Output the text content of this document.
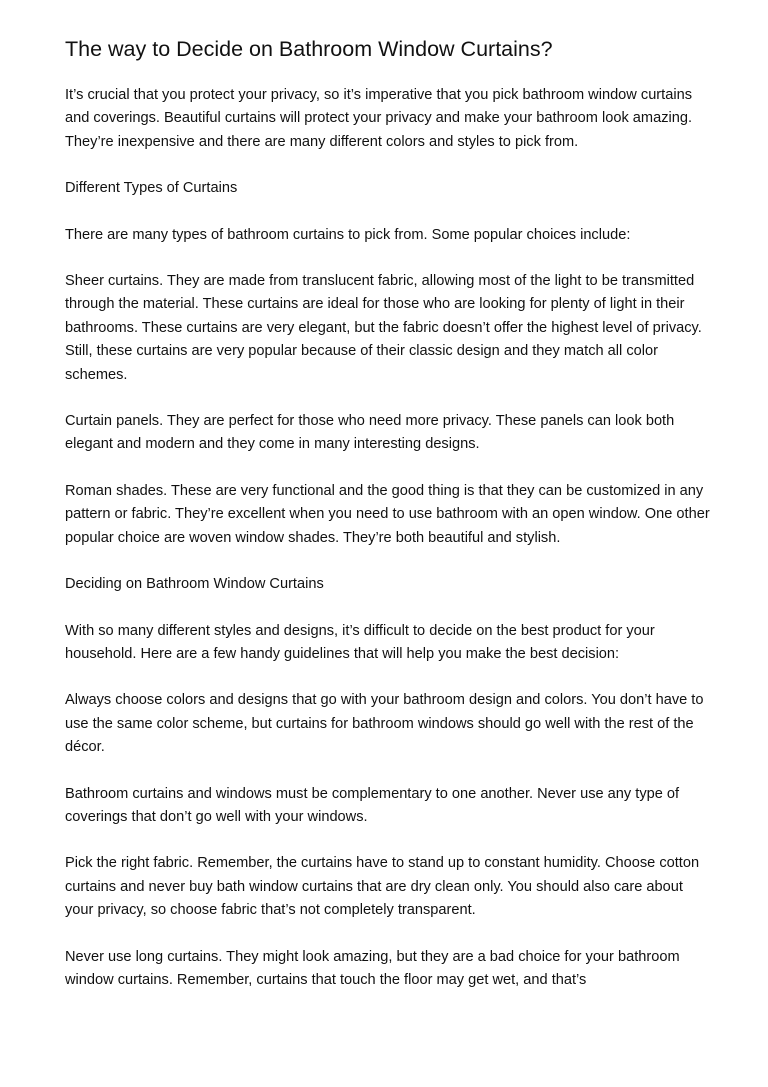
The way to Decide on Bathroom Window Curtains?

It’s crucial that you protect your privacy, so it’s imperative that you pick bathroom window curtains and coverings. Beautiful curtains will protect your privacy and make your bathroom look amazing. They’re inexpensive and there are many different colors and styles to pick from.

Different Types of Curtains

There are many types of bathroom curtains to pick from. Some popular choices include:

Sheer curtains. They are made from translucent fabric, allowing most of the light to be transmitted through the material. These curtains are ideal for those who are looking for plenty of light in their bathrooms. These curtains are very elegant, but the fabric doesn’t offer the highest level of privacy. Still, these curtains are very popular because of their classic design and they match all color schemes.

Curtain panels. They are perfect for those who need more privacy. These panels can look both elegant and modern and they come in many interesting designs.

Roman shades. These are very functional and the good thing is that they can be customized in any pattern or fabric. They’re excellent when you need to use bathroom with an open window. One other popular choice are woven window shades. They’re both beautiful and stylish.

Deciding on Bathroom Window Curtains

With so many different styles and designs, it’s difficult to decide on the best product for your household. Here are a few handy guidelines that will help you make the best decision:

Always choose colors and designs that go with your bathroom design and colors. You don’t have to use the same color scheme, but curtains for bathroom windows should go well with the rest of the décor.

Bathroom curtains and windows must be complementary to one another. Never use any type of coverings that don’t go well with your windows.

Pick the right fabric. Remember, the curtains have to stand up to constant humidity. Choose cotton curtains and never buy bath window curtains that are dry clean only. You should also care about your privacy, so choose fabric that’s not completely transparent.

Never use long curtains. They might look amazing, but they are a bad choice for your bathroom window curtains. Remember, curtains that touch the floor may get wet, and that’s
